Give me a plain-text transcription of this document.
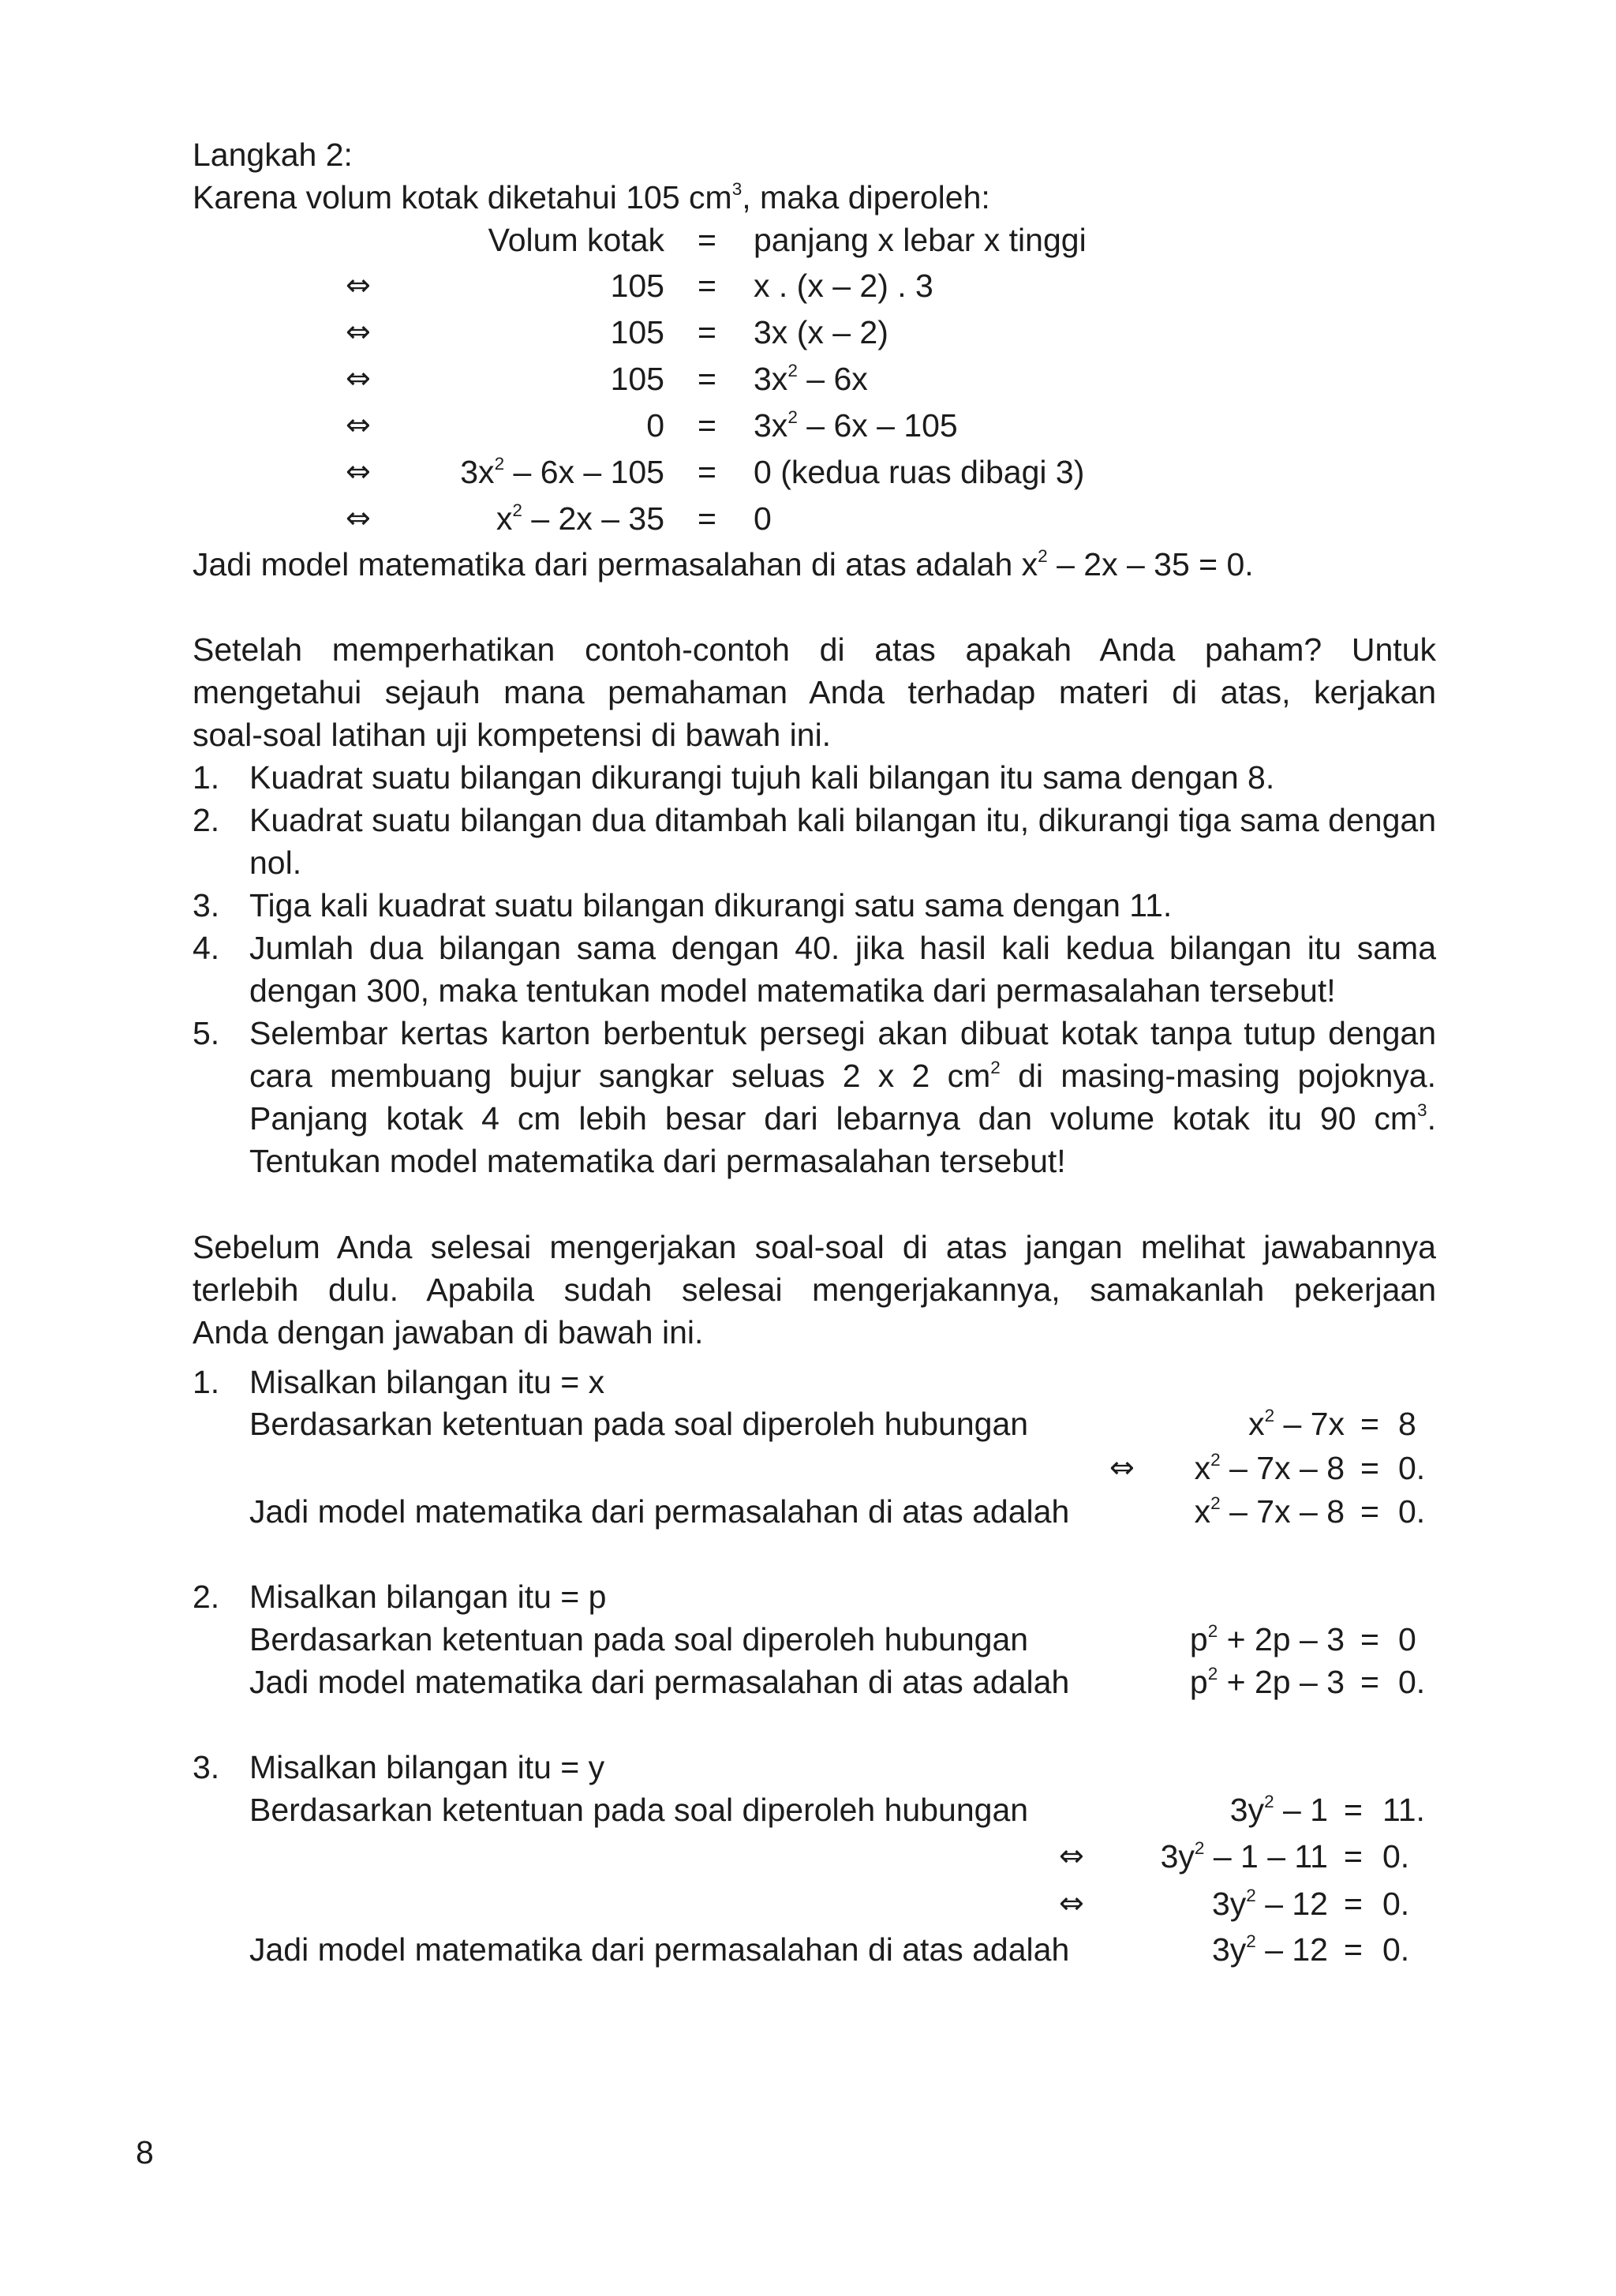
Langkah 2:
Karena volum kotak diketahui 105 $cm^3$, maka diperoleh:
Volum kotak = panjang x lebar x tinggi
⇔	105 = x . (x – 2) . 3
⇔	105 = 3x (x – 2)
⇔	$105 = 3x^2 - 6x$
⇔	$0 = 3x^2 - 6x - 105$
⇔	$3x^2 - 6x - 105 = 0$ (kedua ruas dibagi 3)
⇔	$x^2 - 2x - 35 = 0$
Jadi model matematika dari permasalahan di atas adalah $x^2 - 2x - 35 = 0$.
Setelah memperhatikan contoh-contoh di atas apakah Anda paham? Untuk
mengetahui sejauh mana pemahaman Anda terhadap materi di atas, kerjakan
soal-soal latihan uji kompetensi di bawah ini.
1. Kuadrat suatu bilangan dikurangi tujuh kali bilangan itu sama dengan 8.
2. Kuadrat suatu bilangan dua ditambah kali bilangan itu, dikurangi tiga sama dengan nol.
3. Tiga kali kuadrat suatu bilangan dikurangi satu sama dengan 11.
4. Jumlah dua bilangan sama dengan 40. jika hasil kali kedua bilangan itu sama dengan 300, maka tentukan model matematika dari permasalahan tersebut!
5. Selembar kertas karton berbentuk persegi akan dibuat kotak tanpa tutup dengan cara membuang bujur sangkar seluas 2 x 2 $cm^2$ di masing-masing pojoknya. Panjang kotak 4 cm lebih besar dari lebarnya dan volume kotak itu 90 $cm^3$. Tentukan model matematika dari permasalahan tersebut!
Sebelum Anda selesai mengerjakan soal-soal di atas jangan melihat jawabannya
terlebih dulu. Apabila sudah selesai mengerjakannya, samakanlah pekerjaan
Anda dengan jawaban di bawah ini.
1. Misalkan bilangan itu = x
Berdasarkan ketentuan pada soal diperoleh hubungan	$x^2 - 7x = 8$
⇔ $x^2 - 7x - 8 = 0$.
Jadi model matematika dari permasalahan di atas adalah	$x^2 - 7x - 8 = 0$.
2. Misalkan bilangan itu = p
Berdasarkan ketentuan pada soal diperoleh hubungan	$p^2 + 2p - 3 = 0$
Jadi model matematika dari permasalahan di atas adalah	$p^2 + 2p - 3 = 0$.
3. Misalkan bilangan itu = y
Berdasarkan ketentuan pada soal diperoleh hubungan	$3y^2 - 1 = 11$.
⇔ $3y^2 - 1 - 11 = 0$.
⇔	$3y^2 - 12 = 0$.
Jadi model matematika dari permasalahan di atas adalah	$3y^2 - 12 = 0$.
8
